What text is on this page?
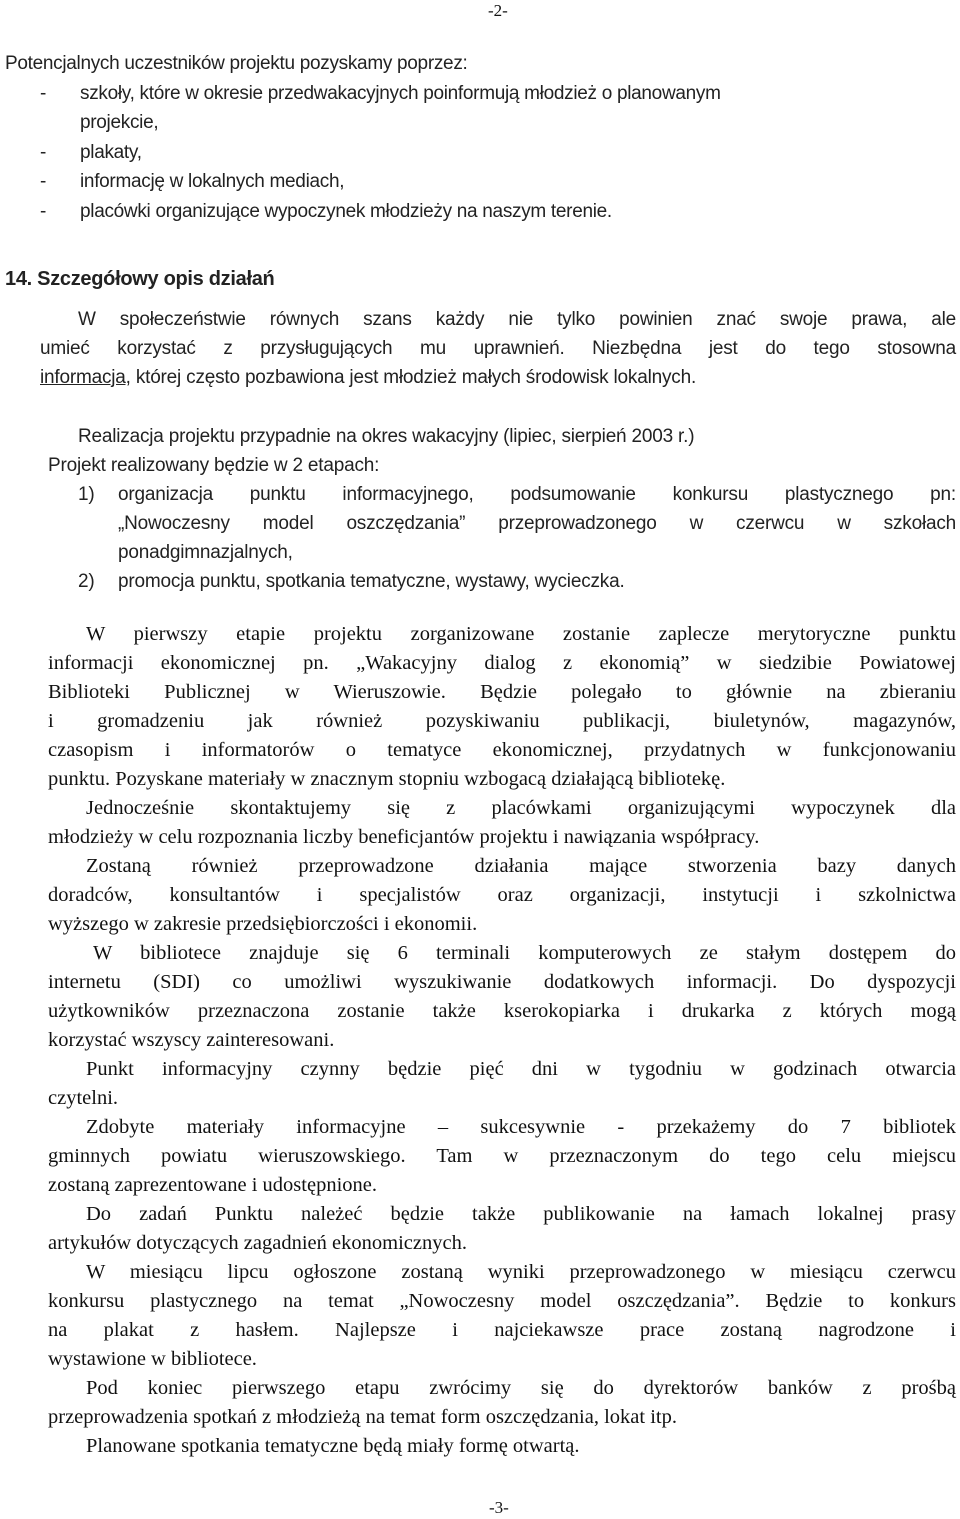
-2-
Potencjalnych uczestników projektu pozyskamy poprzez:
- szkoły, które w okresie przedwakacyjnych poinformują młodzież o planowanym
projekcie,
- plakaty,
- informację w lokalnych mediach,
- placówki organizujące wypoczynek młodzieży na naszym terenie.
14. Szczegółowy opis działań
W społeczeństwie równych szans każdy nie tylko powinien znać swoje prawa, ale
umieć korzystać z przysługujących mu uprawnień. Niezbędna jest do tego stosowna
informacja, której często pozbawiona jest młodzież małych środowisk lokalnych.
Realizacja projektu przypadnie na okres wakacyjny (lipiec, sierpień 2003 r.)
Projekt realizowany będzie w 2 etapach:
1) organizacja punktu informacyjnego, podsumowanie konkursu plastycznego pn:
„Nowoczesny model oszczędzania” przeprowadzonego w czerwcu w szkołach
ponadgimnazjalnych,
2) promocja punktu, spotkania tematyczne, wystawy, wycieczka.
W pierwszy etapie projektu zorganizowane zostanie zaplecze merytoryczne punktu
informacji ekonomicznej pn. „Wakacyjny dialog z ekonomią” w siedzibie Powiatowej
Biblioteki Publicznej w Wieruszowie. Będzie polegało to głównie na zbieraniu
i gromadzeniu jak również pozyskiwaniu publikacji, biuletynów, magazynów,
czasopism i informatorów o tematyce ekonomicznej, przydatnych w funkcjonowaniu
punktu. Pozyskane materiały w znacznym stopniu wzbogacą działającą bibliotekę.
Jednocześnie skontaktujemy się z placówkami organizującymi wypoczynek dla
młodzieży w celu rozpoznania liczby beneficjantów projektu i nawiązania współpracy.
Zostaną również przeprowadzone działania mające stworzenia bazy danych
doradców, konsultantów i specjalistów oraz organizacji, instytucji i szkolnictwa
wyższego w zakresie przedsiębiorczości i ekonomii.
W bibliotece znajduje się 6 terminali komputerowych ze stałym dostępem do
internetu (SDI) co umożliwi wyszukiwanie dodatkowych informacji. Do dyspozycji
użytkowników przeznaczona zostanie także kserokopiarka i drukarka z których mogą
korzystać wszyscy zainteresowani.
Punkt informacyjny czynny będzie pięć dni w tygodniu w godzinach otwarcia
czytelni.
Zdobyte materiały informacyjne – sukcesywnie - przekażemy do 7 bibliotek
gminnych powiatu wieruszowskiego. Tam w przeznaczonym do tego celu miejscu
zostaną zaprezentowane i udostępnione.
Do zadań Punktu należeć będzie także publikowanie na łamach lokalnej prasy
artykułów dotyczących zagadnień ekonomicznych.
W miesiącu lipcu ogłoszone zostaną wyniki przeprowadzonego w miesiącu czerwcu
konkursu plastycznego na temat „Nowoczesny model oszczędzania”. Będzie to konkurs
na plakat z hasłem. Najlepsze i najciekawsze prace zostaną nagrodzone i
wystawione w bibliotece.
Pod koniec pierwszego etapu zwrócimy się do dyrektorów banków z prośbą
przeprowadzenia spotkań z młodzieżą na temat form oszczędzania, lokat itp.
Planowane spotkania tematyczne będą miały formę otwartą.
-3-
